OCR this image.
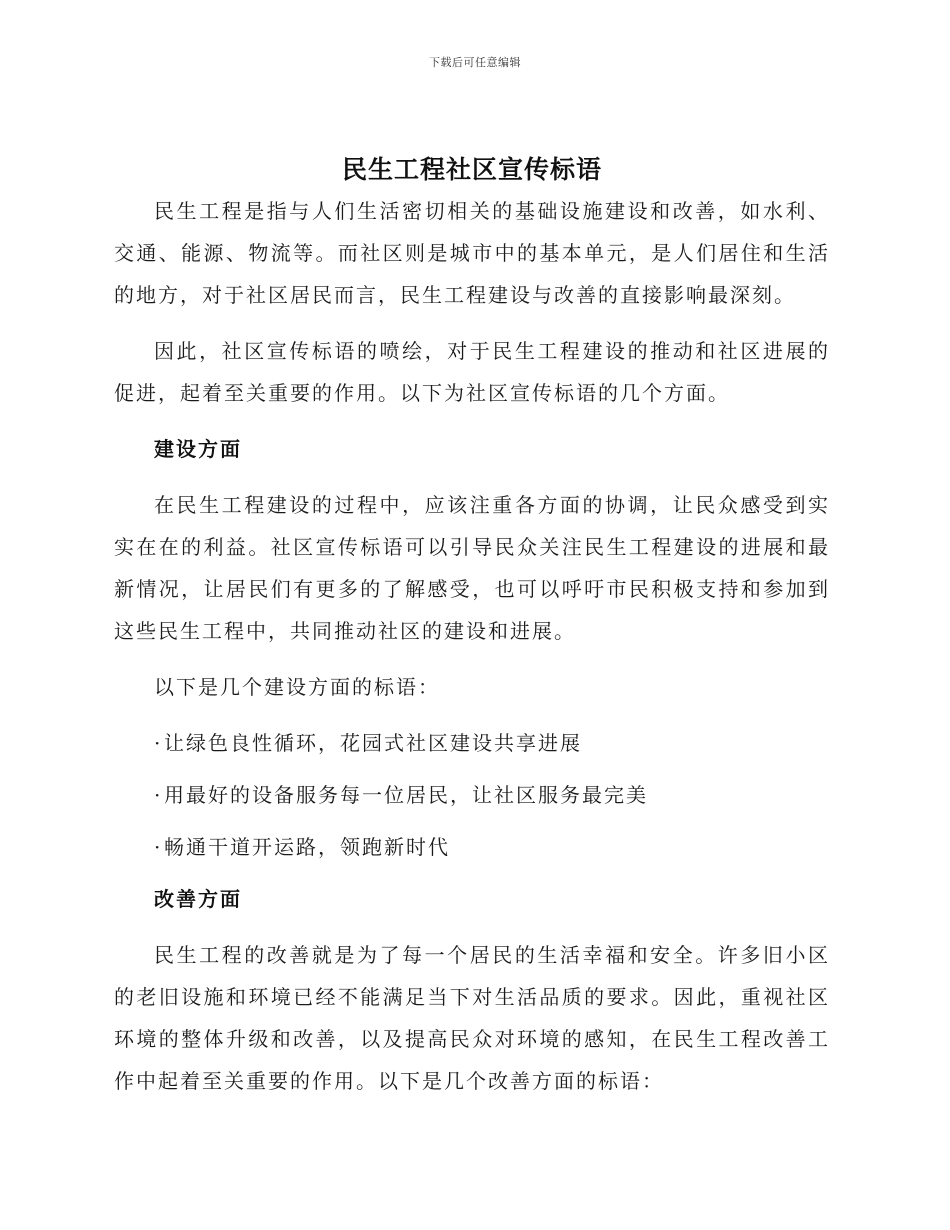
下载后可任意编辑
民生工程社区宣传标语

民生工程是指与人们生活密切相关的基础设施建设和改善，如水利、交通、能源、物流等。而社区则是城市中的基本单元，是人们居住和生活的地方，对于社区居民而言，民生工程建设与改善的直接影响最深刻。

因此，社区宣传标语的喷绘，对于民生工程建设的推动和社区进展的促进，起着至关重要的作用。以下为社区宣传标语的几个方面。

建设方面

在民生工程建设的过程中，应该注重各方面的协调，让民众感受到实实在在的利益。社区宣传标语可以引导民众关注民生工程建设的进展和最新情况，让居民们有更多的了解感受，也可以呼吁市民积极支持和参加到这些民生工程中，共同推动社区的建设和进展。

以下是几个建设方面的标语：

·让绿色良性循环，花园式社区建设共享进展
·用最好的设备服务每一位居民，让社区服务最完美
·畅通干道开运路，领跑新时代
改善方面

民生工程的改善就是为了每一个居民的生活幸福和安全。许多旧小区的老旧设施和环境已经不能满足当下对生活品质的要求。因此，重视社区环境的整体升级和改善，以及提高民众对环境的感知，在民生工程改善工作中起着至关重要的作用。以下是几个改善方面的标语：
